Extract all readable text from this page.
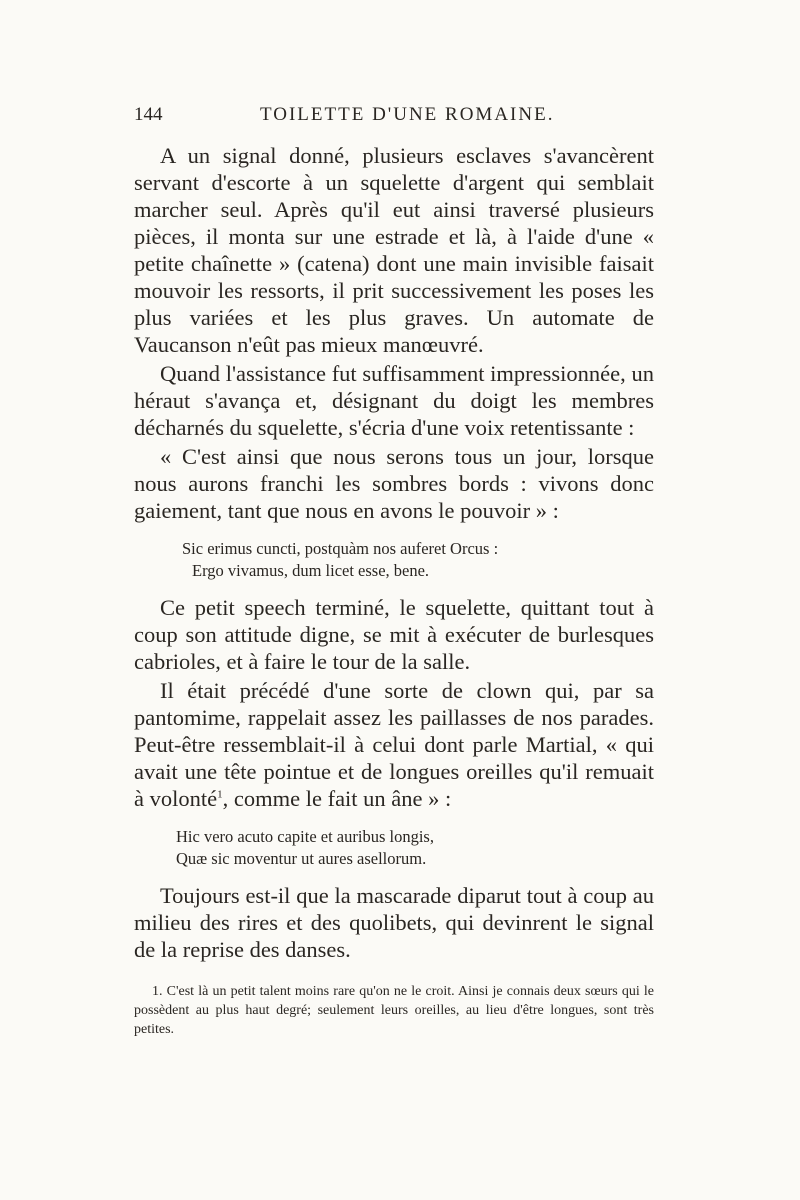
144	TOILETTE D'UNE ROMAINE.

A un signal donné, plusieurs esclaves s'avancèrent servant d'escorte à un squelette d'argent qui semblait marcher seul. Après qu'il eut ainsi traversé plusieurs pièces, il monta sur une estrade et là, à l'aide d'une « petite chaînette » (catena) dont une main invisible faisait mouvoir les ressorts, il prit successivement les poses les plus variées et les plus graves. Un automate de Vaucanson n'eût pas mieux manœuvré.

Quand l'assistance fut suffisamment impressionnée, un héraut s'avança et, désignant du doigt les membres décharnés du squelette, s'écria d'une voix retentissante :

« C'est ainsi que nous serons tous un jour, lorsque nous aurons franchi les sombres bords : vivons donc gaiement, tant que nous en avons le pouvoir » :

Sic erimus cuncti, postquàm nos auferet Orcus :
Ergo vivamus, dum licet esse, bene.

Ce petit speech terminé, le squelette, quittant tout à coup son attitude digne, se mit à exécuter de burlesques cabrioles, et à faire le tour de la salle.

Il était précédé d'une sorte de clown qui, par sa pantomime, rappelait assez les paillasses de nos parades. Peut-être ressemblait-il à celui dont parle Martial, « qui avait une tête pointue et de longues oreilles qu'il remuait à volonté$^1$, comme le fait un âne » :

Hic vero acuto capite et auribus longis,
Quæ sic moventur ut aures asellorum.

Toujours est-il que la mascarade diparut tout à coup au milieu des rires et des quolibets, qui devinrent le signal de la reprise des danses.

1. C'est là un petit talent moins rare qu'on ne le croit. Ainsi je connais deux sœurs qui le possèdent au plus haut degré; seulement leurs oreilles, au lieu d'être longues, sont très petites.
